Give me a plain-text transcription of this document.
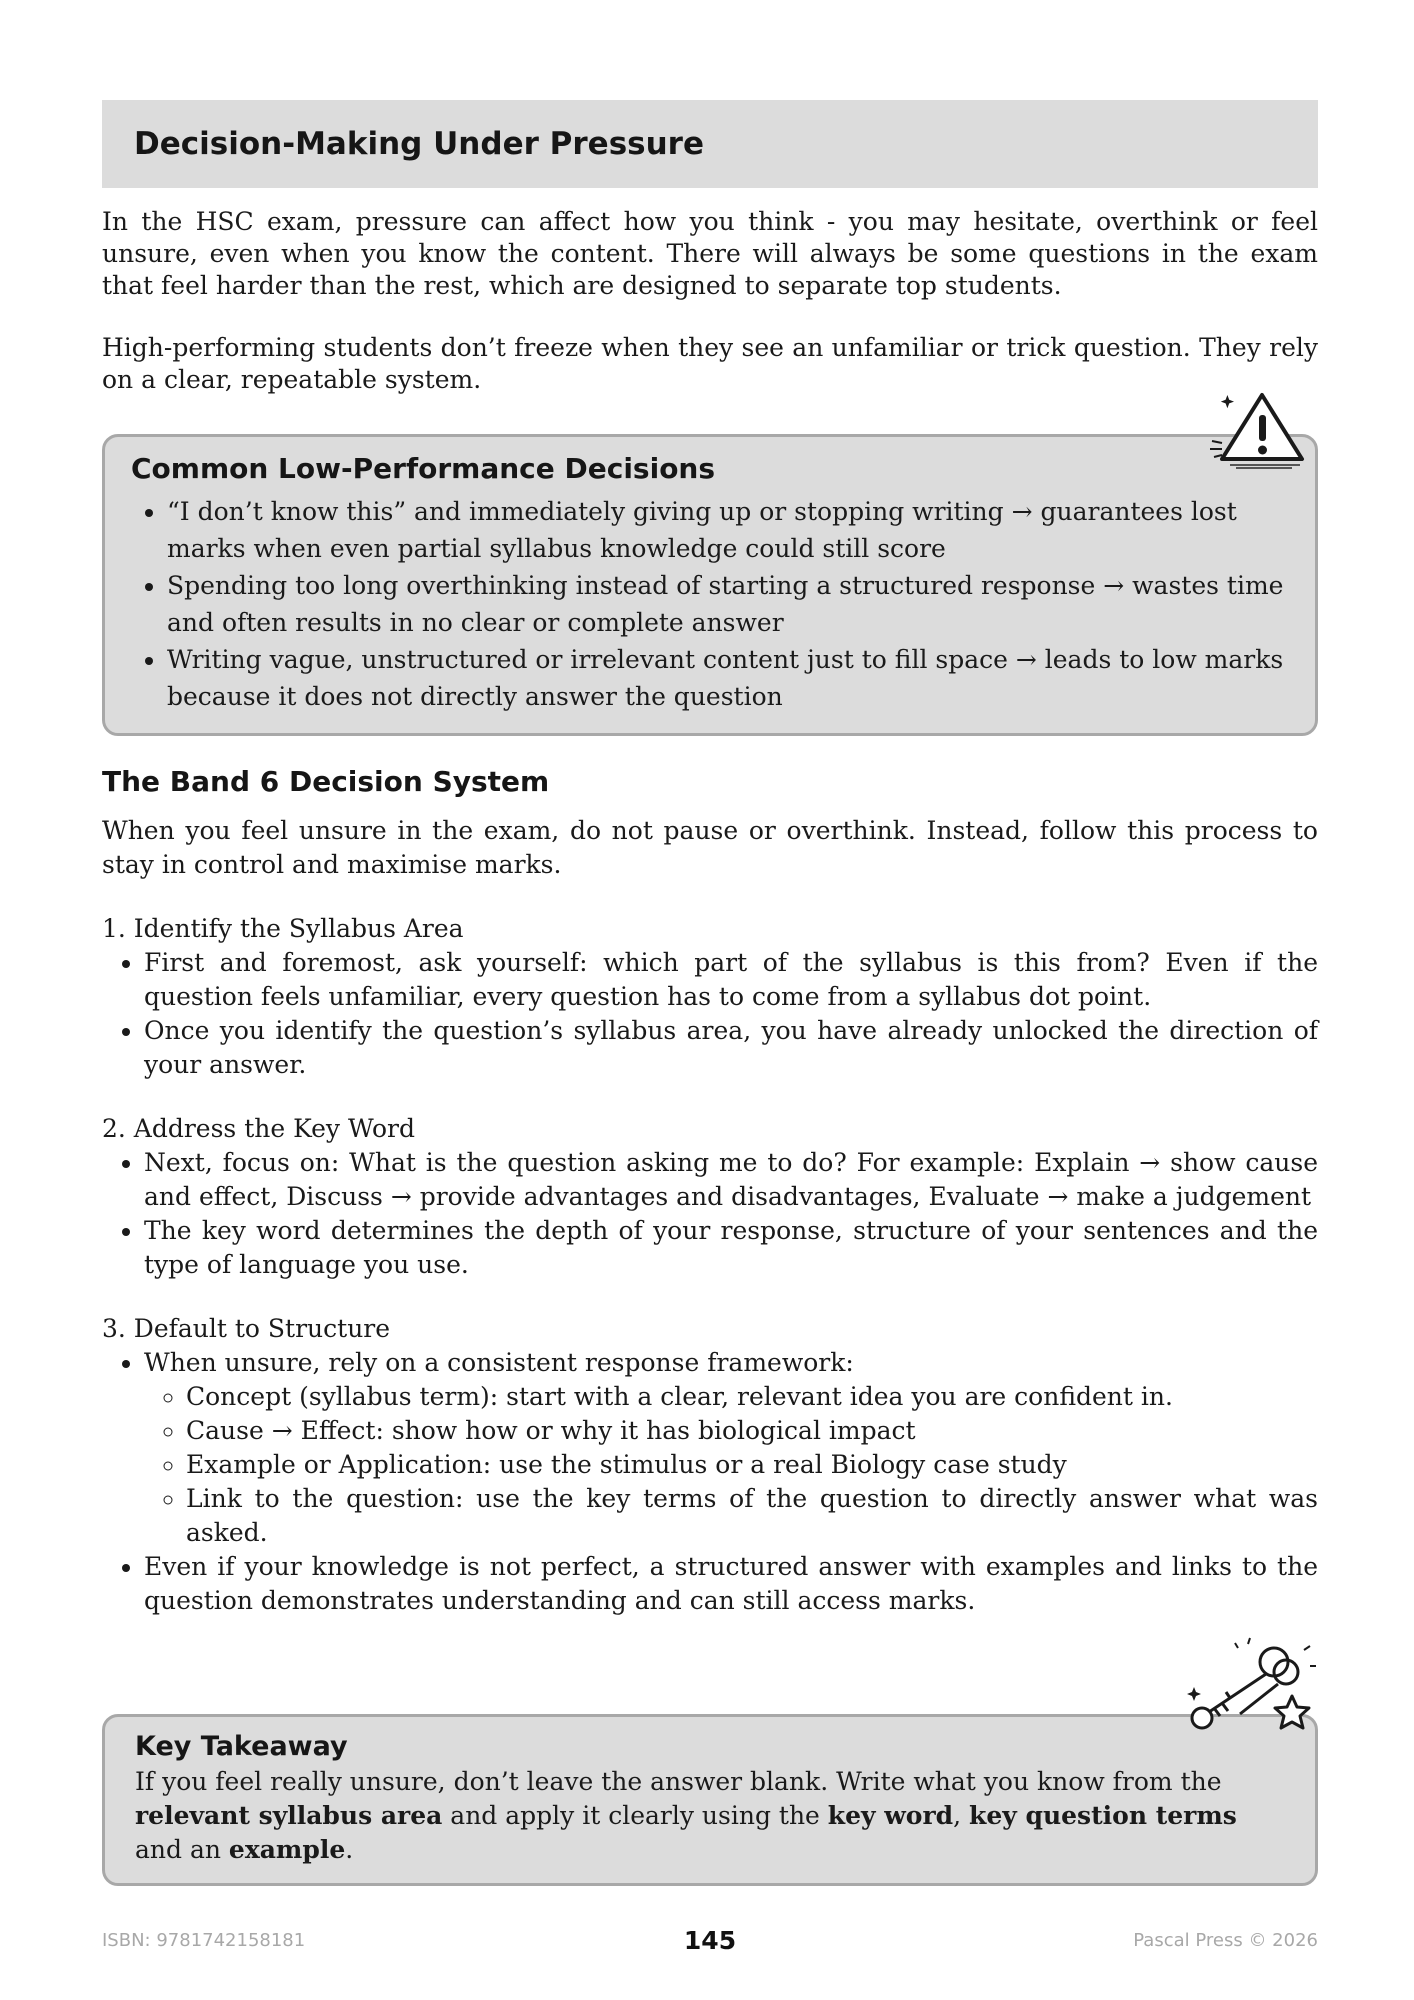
Decision-Making Under Pressure

In the HSC exam, pressure can affect how you think - you may hesitate, overthink or feel unsure, even when you know the content. There will always be some questions in the exam that feel harder than the rest, which are designed to separate top students.

High-performing students don’t freeze when they see an unfamiliar or trick question. They rely on a clear, repeatable system.

Common Low-Performance Decisions
• “I don’t know this” and immediately giving up or stopping writing → guarantees lost marks when even partial syllabus knowledge could still score
• Spending too long overthinking instead of starting a structured response → wastes time and often results in no clear or complete answer
• Writing vague, unstructured or irrelevant content just to fill space → leads to low marks because it does not directly answer the question
The Band 6 Decision System

When you feel unsure in the exam, do not pause or overthink. Instead, follow this process to stay in control and maximise marks.

1. Identify the Syllabus Area

• First and foremost, ask yourself: which part of the syllabus is this from? Even if the question feels unfamiliar, every question has to come from a syllabus dot point.
• Once you identify the question’s syllabus area, you have already unlocked the direction of your answer.

2. Address the Key Word

• Next, focus on: What is the question asking me to do? For example: Explain → show cause and effect, Discuss → provide advantages and disadvantages, Evaluate → make a judgement
• The key word determines the depth of your response, structure of your sentences and the type of language you use.

3. Default to Structure

• When unsure, rely on a consistent response framework:
◦ Concept (syllabus term): start with a clear, relevant idea you are confident in.
◦ Cause → Effect: show how or why it has biological impact
◦ Example or Application: use the stimulus or a real Biology case study
◦ Link to the question: use the key terms of the question to directly answer what was asked.
• Even if your knowledge is not perfect, a structured answer with examples and links to the question demonstrates understanding and can still access marks.
Key Takeaway

If you feel really unsure, don’t leave the answer blank. Write what you know from the relevant syllabus area and apply it clearly using the key word, key question terms and an example.

ISBN: 9781742158181	145	Pascal Press © 2026
